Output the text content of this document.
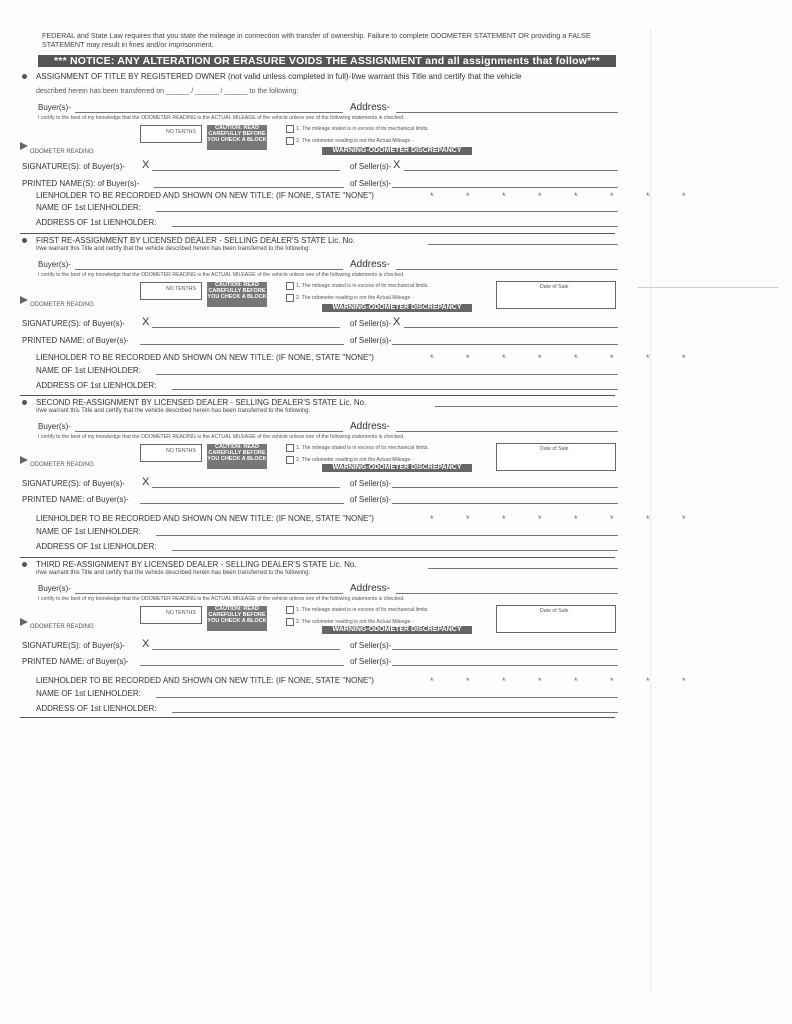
FEDERAL and State Law requires that you state the mileage in connection with transfer of ownership. Failure to complete ODOMETER STATEMENT OR providing a FALSE STATEMENT may result in fines and/or imprisonment.
*** NOTICE: ANY ALTERATION OR ERASURE VOIDS THE ASSIGNMENT and all assignments that follow***
ASSIGNMENT OF TITLE BY REGISTERED OWNER (not valid unless completed in full)-I/we warrant this Title and certify that the vehicle
described herein has been transferred on ______ / ______ / ______ to the following:
Buyer(s)-	Address-
I certify to the best of my knowledge that the ODOMETER READING is the ACTUAL MILEAGE of the vehicle unless one of the following statements is checked.
NO TENTHS
CAUTION: READ CAREFULLY BEFORE YOU CHECK A BLOCK
1. The mileage stated is in excess of its mechanical limits.
2. The odometer reading is not the Actual Mileage -
WARNING-ODOMETER DISCREPANCY
ODOMETER READING
SIGNATURE(S): of Buyer(s)- X	of Seller(s)- X
PRINTED NAME(S): of Buyer(s)-	of Seller(s)-
LIENHOLDER TO BE RECORDED AND SHOWN ON NEW TITLE: (IF NONE, STATE "NONE")	* * * * * * * *
NAME OF 1st LIENHOLDER:
ADDRESS OF 1st LIENHOLDER:
FIRST RE-ASSIGNMENT BY LICENSED DEALER - SELLING DEALER'S STATE Lic. No.
I/we warrant this Title and certify that the vehicle described herein has been transferred to the following:
Buyer(s)-	Address-
I certify to the best of my knowledge that the ODOMETER READING is the ACTUAL MILEAGE of the vehicle unless one of the following statements is checked.
NO TENTHS
CAUTION: READ CAREFULLY BEFORE YOU CHECK A BLOCK
1. The mileage stated is in excess of its mechanical limits.
2. The odometer reading is not the Actual Mileage -
WARNING-ODOMETER DISCREPANCY
Date of Sale
ODOMETER READING
SIGNATURE(S): of Buyer(s)- X	of Seller(s)- X
PRINTED NAME: of Buyer(s)-	of Seller(s)-
LIENHOLDER TO BE RECORDED AND SHOWN ON NEW TITLE: (IF NONE, STATE "NONE")	* * * * * * * *
NAME OF 1st LIENHOLDER:
ADDRESS OF 1st LIENHOLDER:
SECOND RE-ASSIGNMENT BY LICENSED DEALER - SELLING DEALER'S STATE Lic. No.
I/we warrant this Title and certify that the vehicle described herein has been transferred to the following:
Buyer(s)-	Address-
I certify to the best of my knowledge that the ODOMETER READING is the ACTUAL MILEAGE of the vehicle unless one of the following statements is checked.
NO TENTHS
CAUTION: READ CAREFULLY BEFORE YOU CHECK A BLOCK
1. The mileage stated is in excess of its mechanical limits.
2. The odometer reading is not the Actual Mileage -
WARNING-ODOMETER DISCREPANCY
Date of Sale
ODOMETER READING
SIGNATURE(S): of Buyer(s)- X	of Seller(s)-
PRINTED NAME: of Buyer(s)-	of Seller(s)-
LIENHOLDER TO BE RECORDED AND SHOWN ON NEW TITLE: (IF NONE, STATE "NONE")	* * * * * * * *
NAME OF 1st LIENHOLDER:
ADDRESS OF 1st LIENHOLDER:
THIRD RE-ASSIGNMENT BY LICENSED DEALER - SELLING DEALER'S STATE Lic. No.
I/we warrant this Title and certify that the vehicle described herein has been transferred to the following:
Buyer(s)-	Address-
I certify to the best of my knowledge that the ODOMETER READING is the ACTUAL MILEAGE of the vehicle unless one of the following statements is checked.
NO TENTHS
CAUTION: READ CAREFULLY BEFORE YOU CHECK A BLOCK
1. The mileage stated is in excess of its mechanical limits.
2. The odometer reading is not the Actual Mileage -
WARNING-ODOMETER DISCREPANCY
Date of Sale
ODOMETER READING
SIGNATURE(S): of Buyer(s)- X	of Seller(s)-
PRINTED NAME: of Buyer(s)-	of Seller(s)-
LIENHOLDER TO BE RECORDED AND SHOWN ON NEW TITLE: (IF NONE, STATE "NONE")	* * * * * * * *
NAME OF 1st LIENHOLDER:
ADDRESS OF 1st LIENHOLDER:
